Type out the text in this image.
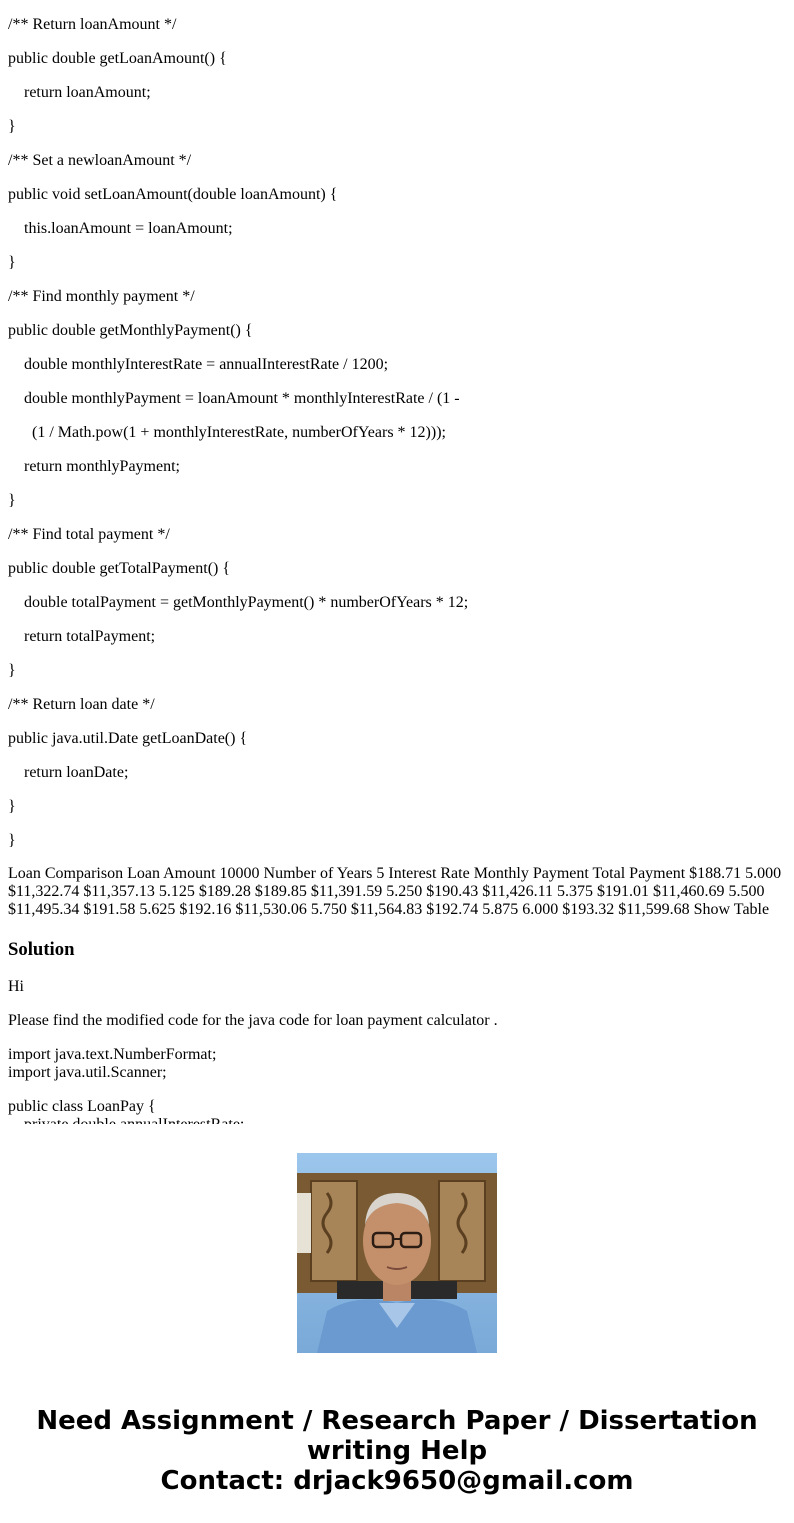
/** Return loanAmount */
public double getLoanAmount() {
return loanAmount;
}
/** Set a newloanAmount */
public void setLoanAmount(double loanAmount) {
this.loanAmount = loanAmount;
}
/** Find monthly payment */
public double getMonthlyPayment() {
double monthlyInterestRate = annualInterestRate / 1200;
double monthlyPayment = loanAmount * monthlyInterestRate / (1 -
(1 / Math.pow(1 + monthlyInterestRate, numberOfYears * 12)));
return monthlyPayment;
}
/** Find total payment */
public double getTotalPayment() {
double totalPayment = getMonthlyPayment() * numberOfYears * 12;
return totalPayment;
}
/** Return loan date */
public java.util.Date getLoanDate() {
return loanDate;
}
}
Loan Comparison Loan Amount 10000 Number of Years 5 Interest Rate Monthly Payment Total Payment $188.71 5.000 $11,322.74 $11,357.13 5.125 $189.28 $189.85 $11,391.59 5.250 $190.43 $11,426.11 5.375 $191.01 $11,460.69 5.500 $11,495.34 $191.58 5.625 $192.16 $11,530.06 5.750 $11,564.83 $192.74 5.875 6.000 $193.32 $11,599.68 Show Table
Solution
Hi
Please find the modified code for the java code for loan payment calculator .
import java.text.NumberFormat;
import java.util.Scanner;
public class LoanPay {
Need Assignment / Research Paper / Dissertation
writing Help
Contact: drjack9650@gmail.com
